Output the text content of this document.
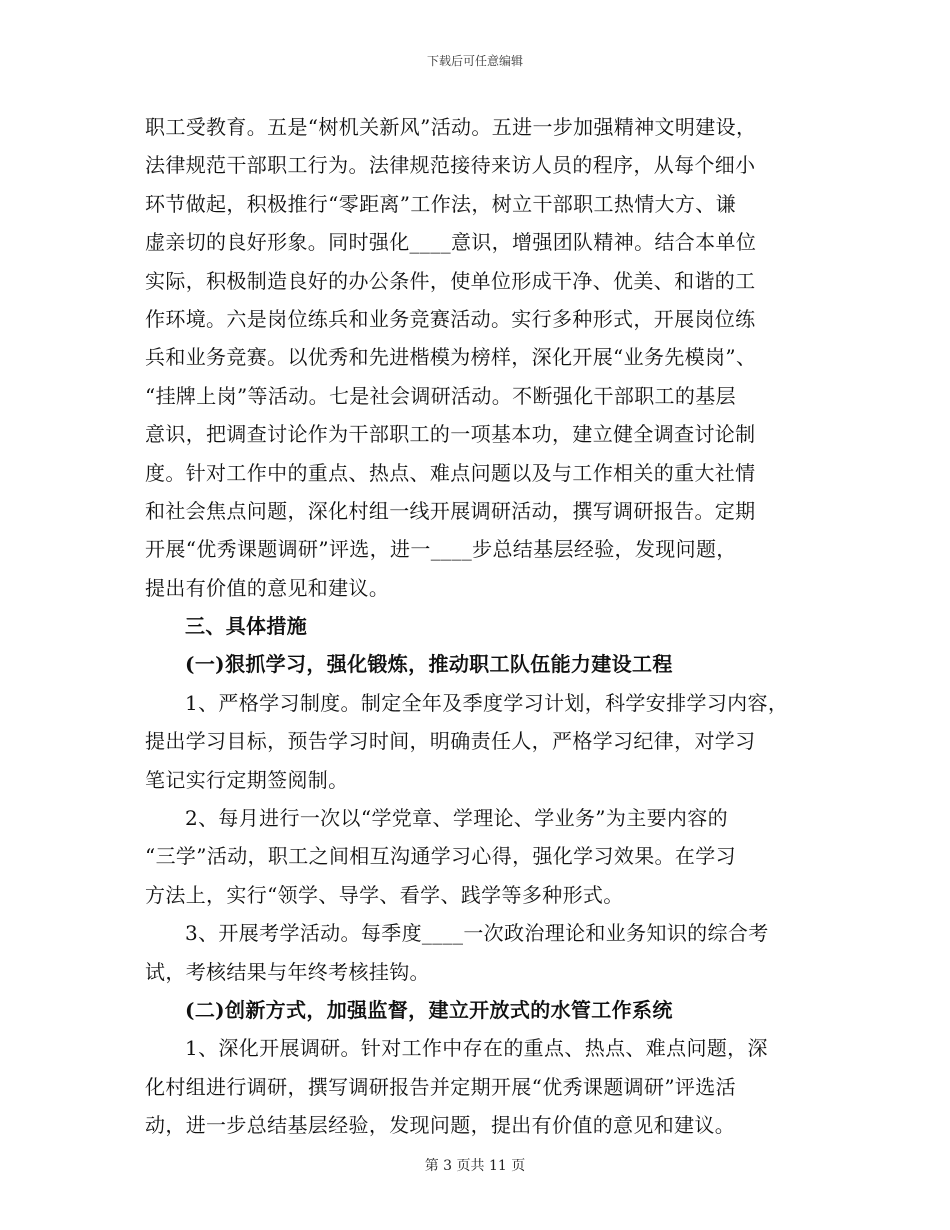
下载后可任意编辑
职工受教育。五是“树机关新风”活动。五进一步加强精神文明建设，
法律规范干部职工行为。法律规范接待来访人员的程序，从每个细小
环节做起，积极推行“零距离”工作法，树立干部职工热情大方、谦
虚亲切的良好形象。同时强化____意识，增强团队精神。结合本单位
实际，积极制造良好的办公条件，使单位形成干净、优美、和谐的工
作环境。六是岗位练兵和业务竞赛活动。实行多种形式，开展岗位练
兵和业务竞赛。以优秀和先进楷模为榜样，深化开展“业务先模岗”、
“挂牌上岗”等活动。七是社会调研活动。不断强化干部职工的基层
意识，把调查讨论作为干部职工的一项基本功，建立健全调查讨论制
度。针对工作中的重点、热点、难点问题以及与工作相关的重大社情
和社会焦点问题，深化村组一线开展调研活动，撰写调研报告。定期
开展“优秀课题调研”评选，进一____步总结基层经验，发现问题，
提出有价值的意见和建议。
三、具体措施
(一)狠抓学习，强化锻炼，推动职工队伍能力建设工程
1、严格学习制度。制定全年及季度学习计划，科学安排学习内容，
提出学习目标，预告学习时间，明确责任人，严格学习纪律，对学习
笔记实行定期签阅制。
2、每月进行一次以“学党章、学理论、学业务”为主要内容的
“三学”活动，职工之间相互沟通学习心得，强化学习效果。在学习
方法上，实行“领学、导学、看学、践学等多种形式。
3、开展考学活动。每季度____一次政治理论和业务知识的综合考
试，考核结果与年终考核挂钩。
(二)创新方式，加强监督，建立开放式的水管工作系统
1、深化开展调研。针对工作中存在的重点、热点、难点问题，深
化村组进行调研，撰写调研报告并定期开展“优秀课题调研”评选活
动，进一步总结基层经验，发现问题，提出有价值的意见和建议。
第 3 页共 11 页
